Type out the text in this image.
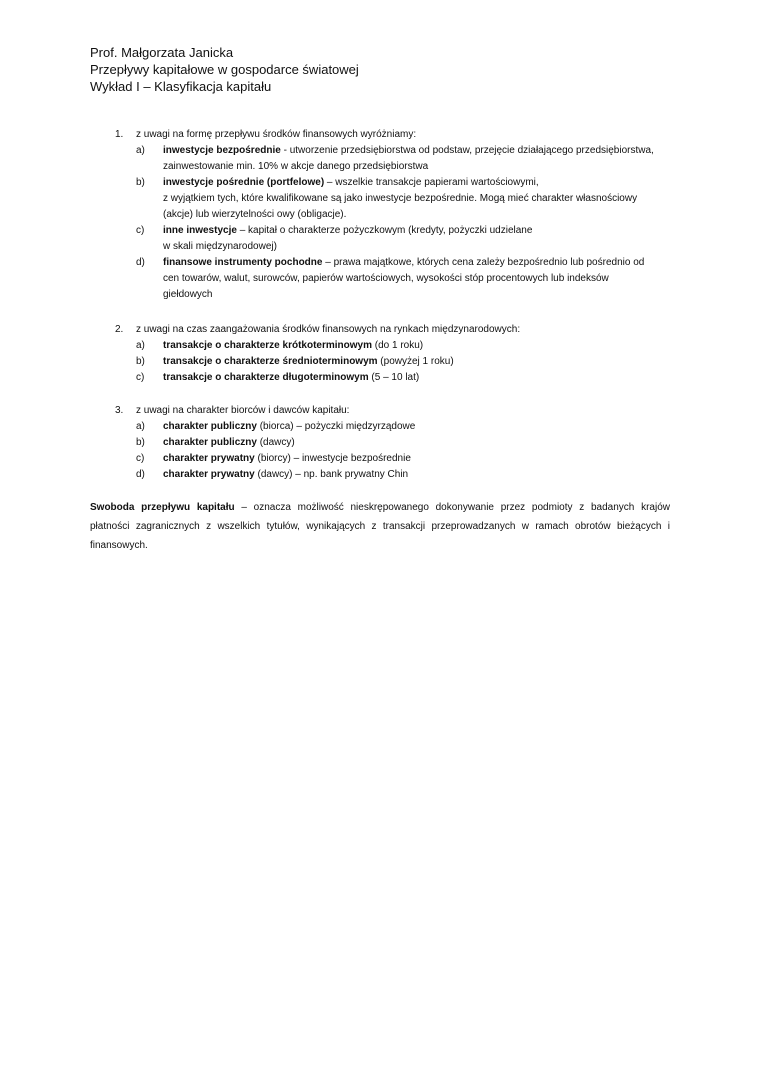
Prof. Małgorzata Janicka
Przepływy kapitałowe w gospodarce światowej
Wykład I – Klasyfikacja kapitału
1. z uwagi na formę przepływu środków finansowych wyróżniamy:
a) inwestycje bezpośrednie - utworzenie przedsiębiorstwa od podstaw, przejęcie działającego przedsiębiorstwa,
zainwestowanie min. 10% w akcje danego przedsiębiorstwa
b) inwestycje pośrednie (portfelowe) – wszelkie transakcje papierami wartościowymi,
z wyjątkiem tych, które kwalifikowane są jako inwestycje bezpośrednie. Mogą mieć charakter własnościowy
(akcje) lub wierzytelności owy (obligacje).
c) inne inwestycje – kapitał o charakterze pożyczkowym (kredyty, pożyczki udzielane
w skali międzynarodowej)
d) finansowe instrumenty pochodne – prawa majątkowe, których cena zależy bezpośrednio lub pośrednio od
cen towarów, walut, surowców, papierów wartościowych, wysokości stóp procentowych lub indeksów
giełdowych
2. z uwagi na czas zaangażowania środków finansowych na rynkach międzynarodowych:
a) transakcje o charakterze krótkoterminowym (do 1 roku)
b) transakcje o charakterze średnioterminowym (powyżej 1 roku)
c) transakcje o charakterze długoterminowym (5 – 10 lat)
3. z uwagi na charakter biorców i dawców kapitału:
a) charakter publiczny (biorca) – pożyczki międzyrządowe
b) charakter publiczny (dawcy)
c) charakter prywatny (biorcy) – inwestycje bezpośrednie
d) charakter prywatny (dawcy) – np. bank prywatny Chin
Swoboda przepływu kapitału – oznacza możliwość nieskrępowanego dokonywanie przez podmioty z badanych krajów
płatności zagranicznych z wszelkich tytułów, wynikających z transakcji przeprowadzanych w ramach obrotów bieżących i
finansowych.
